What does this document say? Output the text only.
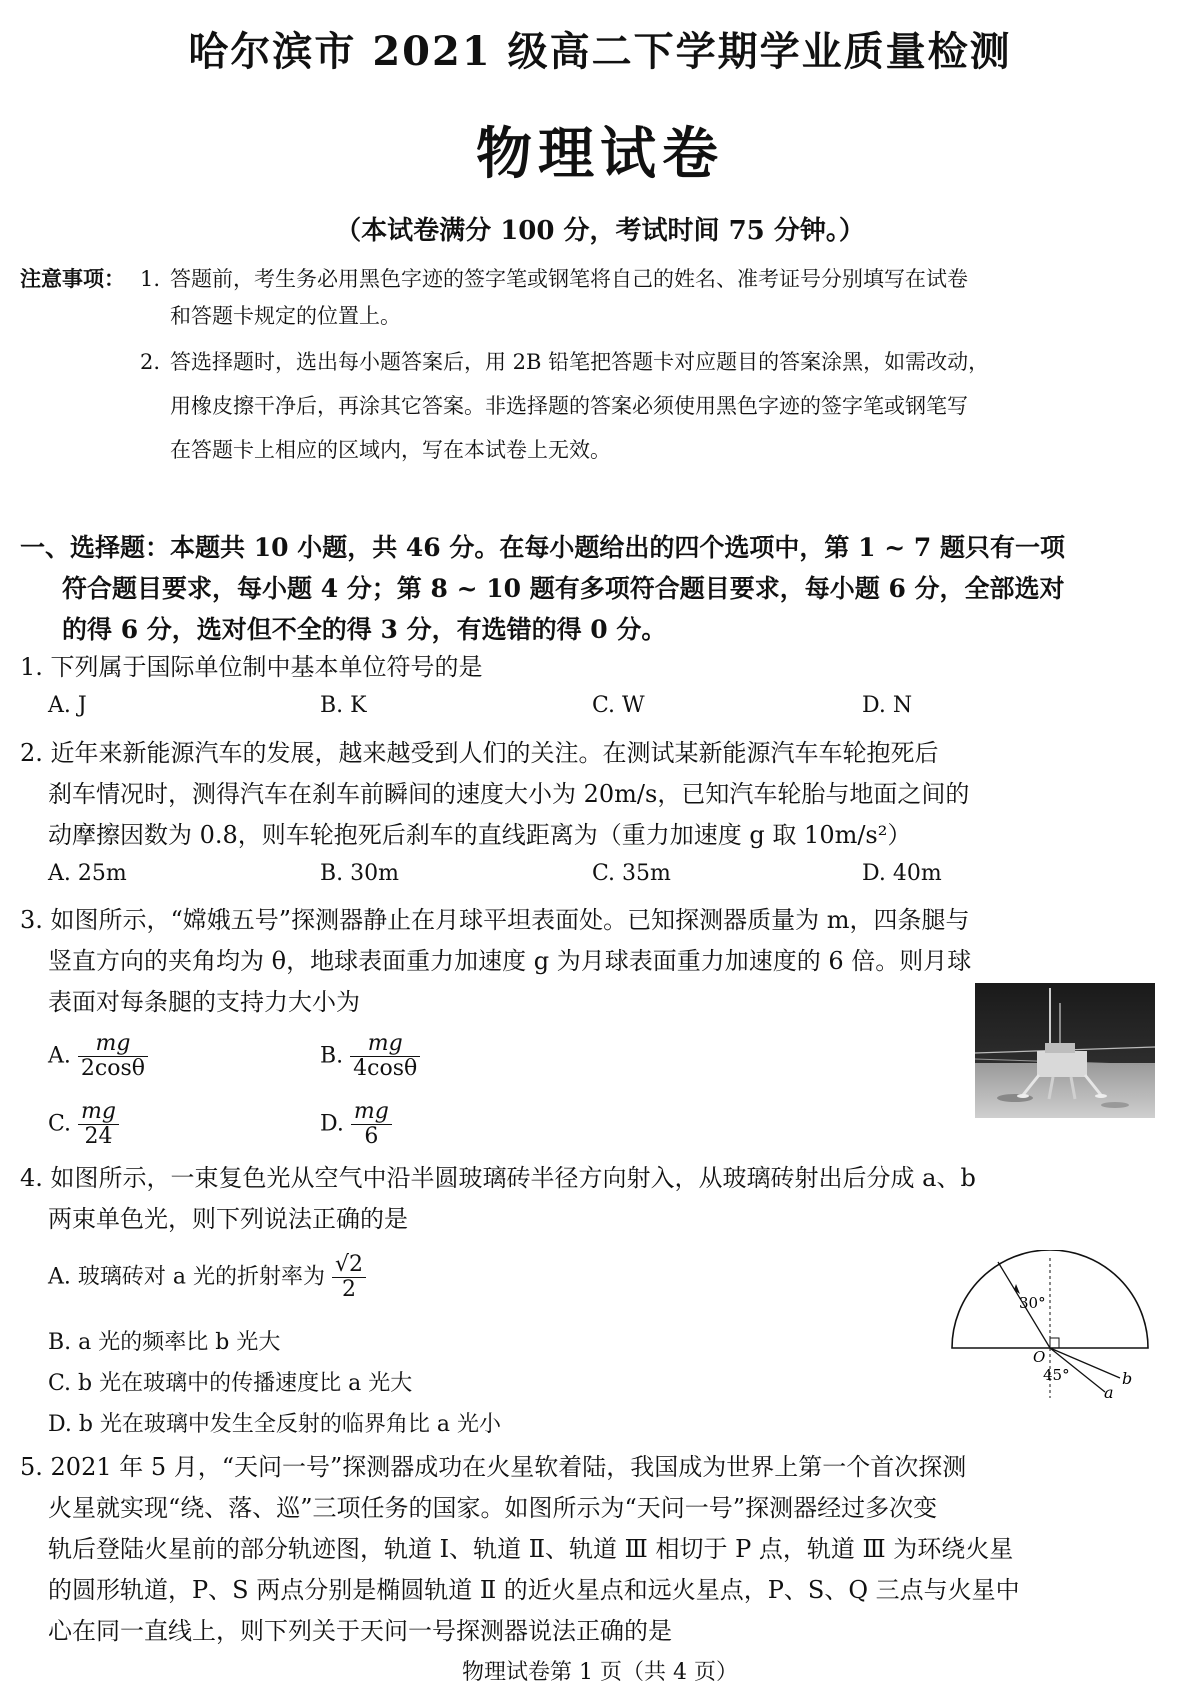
哈尔滨市 2021 级高二下学期学业质量检测
物理试卷
（本试卷满分 100 分，考试时间 75 分钟。）
注意事项： 1. 答题前，考生务必用黑色字迹的签字笔或钢笔将自己的姓名、准考证号分别填写在试卷
和答题卡规定的位置上。
2. 答选择题时，选出每小题答案后，用 2B 铅笔把答题卡对应题目的答案涂黑，如需改动，
用橡皮擦干净后，再涂其它答案。非选择题的答案必须使用黑色字迹的签字笔或钢笔写
在答题卡上相应的区域内，写在本试卷上无效。
一、选择题：本题共 10 小题，共 46 分。在每小题给出的四个选项中，第 1 ~ 7 题只有一项
符合题目要求，每小题 4 分；第 8 ~ 10 题有多项符合题目要求，每小题 6 分，全部选对
的得 6 分，选对但不全的得 3 分，有选错的得 0 分。
1. 下列属于国际单位制中基本单位符号的是
A. J	B. K	C. W	D. N
2. 近年来新能源汽车的发展，越来越受到人们的关注。在测试某新能源汽车车轮抱死后
刹车情况时，测得汽车在刹车前瞬间的速度大小为 20m/s，已知汽车轮胎与地面之间的
动摩擦因数为 0.8，则车轮抱死后刹车的直线距离为（重力加速度 g 取 10m/s²）
A. 25m	B. 30m	C. 35m	D. 40m
3. 如图所示，“嫦娥五号”探测器静止在月球平坦表面处。已知探测器质量为 m，四条腿与
竖直方向的夹角均为 θ，地球表面重力加速度 g 为月球表面重力加速度的 6 倍。则月球
表面对每条腿的支持力大小为
A. $\frac{mg}{2\cos\theta}$	B. $\frac{mg}{4\cos\theta}$
C. $\frac{mg}{24}$	D. $\frac{mg}{6}$
4. 如图所示，一束复色光从空气中沿半圆玻璃砖半径方向射入，从玻璃砖射出后分成 a、b
两束单色光，则下列说法正确的是
A. 玻璃砖对 a 光的折射率为 $\frac{√2}{2}$
B. a 光的频率比 b 光大
C. b 光在玻璃中的传播速度比 a 光大
D. b 光在玻璃中发生全反射的临界角比 a 光小
30°
O
45°	b
a
5. 2021 年 5 月，“天问一号”探测器成功在火星软着陆，我国成为世界上第一个首次探测
火星就实现“绕、落、巡”三项任务的国家。如图所示为“天问一号”探测器经过多次变
轨后登陆火星前的部分轨迹图，轨道 Ⅰ、轨道 Ⅱ、轨道 Ⅲ 相切于 P 点，轨道 Ⅲ 为环绕火星
的圆形轨道，P、S 两点分别是椭圆轨道 Ⅱ 的近火星点和远火星点，P、S、Q 三点与火星中
心在同一直线上，则下列关于天问一号探测器说法正确的是
物理试卷第 1 页（共 4 页）
